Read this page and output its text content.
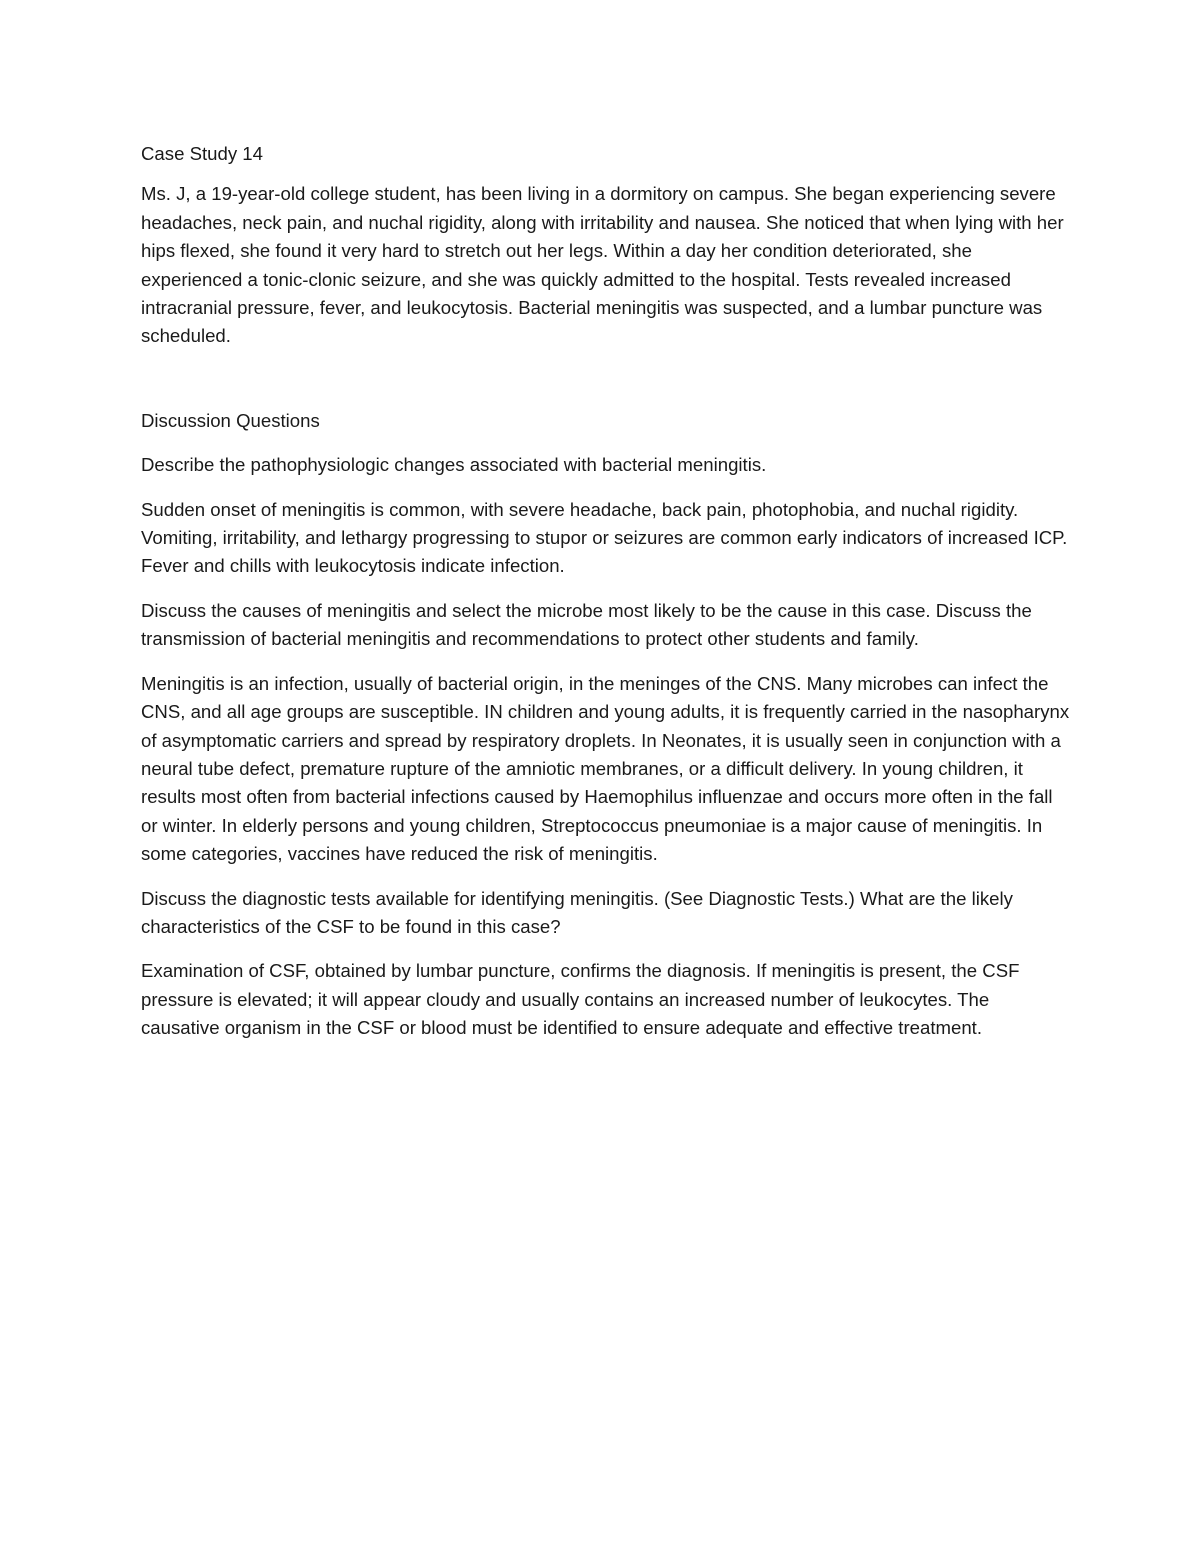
Case Study 14

Ms. J, a 19-year-old college student, has been living in a dormitory on campus. She began experiencing severe headaches, neck pain, and nuchal rigidity, along with irritability and nausea. She noticed that when lying with her hips flexed, she found it very hard to stretch out her legs. Within a day her condition deteriorated, she experienced a tonic-clonic seizure, and she was quickly admitted to the hospital. Tests revealed increased intracranial pressure, fever, and leukocytosis. Bacterial meningitis was suspected, and a lumbar puncture was scheduled.

Discussion Questions

Describe the pathophysiologic changes associated with bacterial meningitis.

Sudden onset of meningitis is common, with severe headache, back pain, photophobia, and nuchal rigidity. Vomiting, irritability, and lethargy progressing to stupor or seizures are common early indicators of increased ICP. Fever and chills with leukocytosis indicate infection.

Discuss the causes of meningitis and select the microbe most likely to be the cause in this case. Discuss the transmission of bacterial meningitis and recommendations to protect other students and family.

Meningitis is an infection, usually of bacterial origin, in the meninges of the CNS. Many microbes can infect the CNS, and all age groups are susceptible. IN children and young adults, it is frequently carried in the nasopharynx of asymptomatic carriers and spread by respiratory droplets. In Neonates, it is usually seen in conjunction with a neural tube defect, premature rupture of the amniotic membranes, or a difficult delivery. In young children, it results most often from bacterial infections caused by Haemophilus influenzae and occurs more often in the fall or winter. In elderly persons and young children, Streptococcus pneumoniae is a major cause of meningitis. In some categories, vaccines have reduced the risk of meningitis.

Discuss the diagnostic tests available for identifying meningitis. (See Diagnostic Tests.) What are the likely characteristics of the CSF to be found in this case?

Examination of CSF, obtained by lumbar puncture, confirms the diagnosis. If meningitis is present, the CSF pressure is elevated; it will appear cloudy and usually contains an increased number of leukocytes. The causative organism in the CSF or blood must be identified to ensure adequate and effective treatment.
